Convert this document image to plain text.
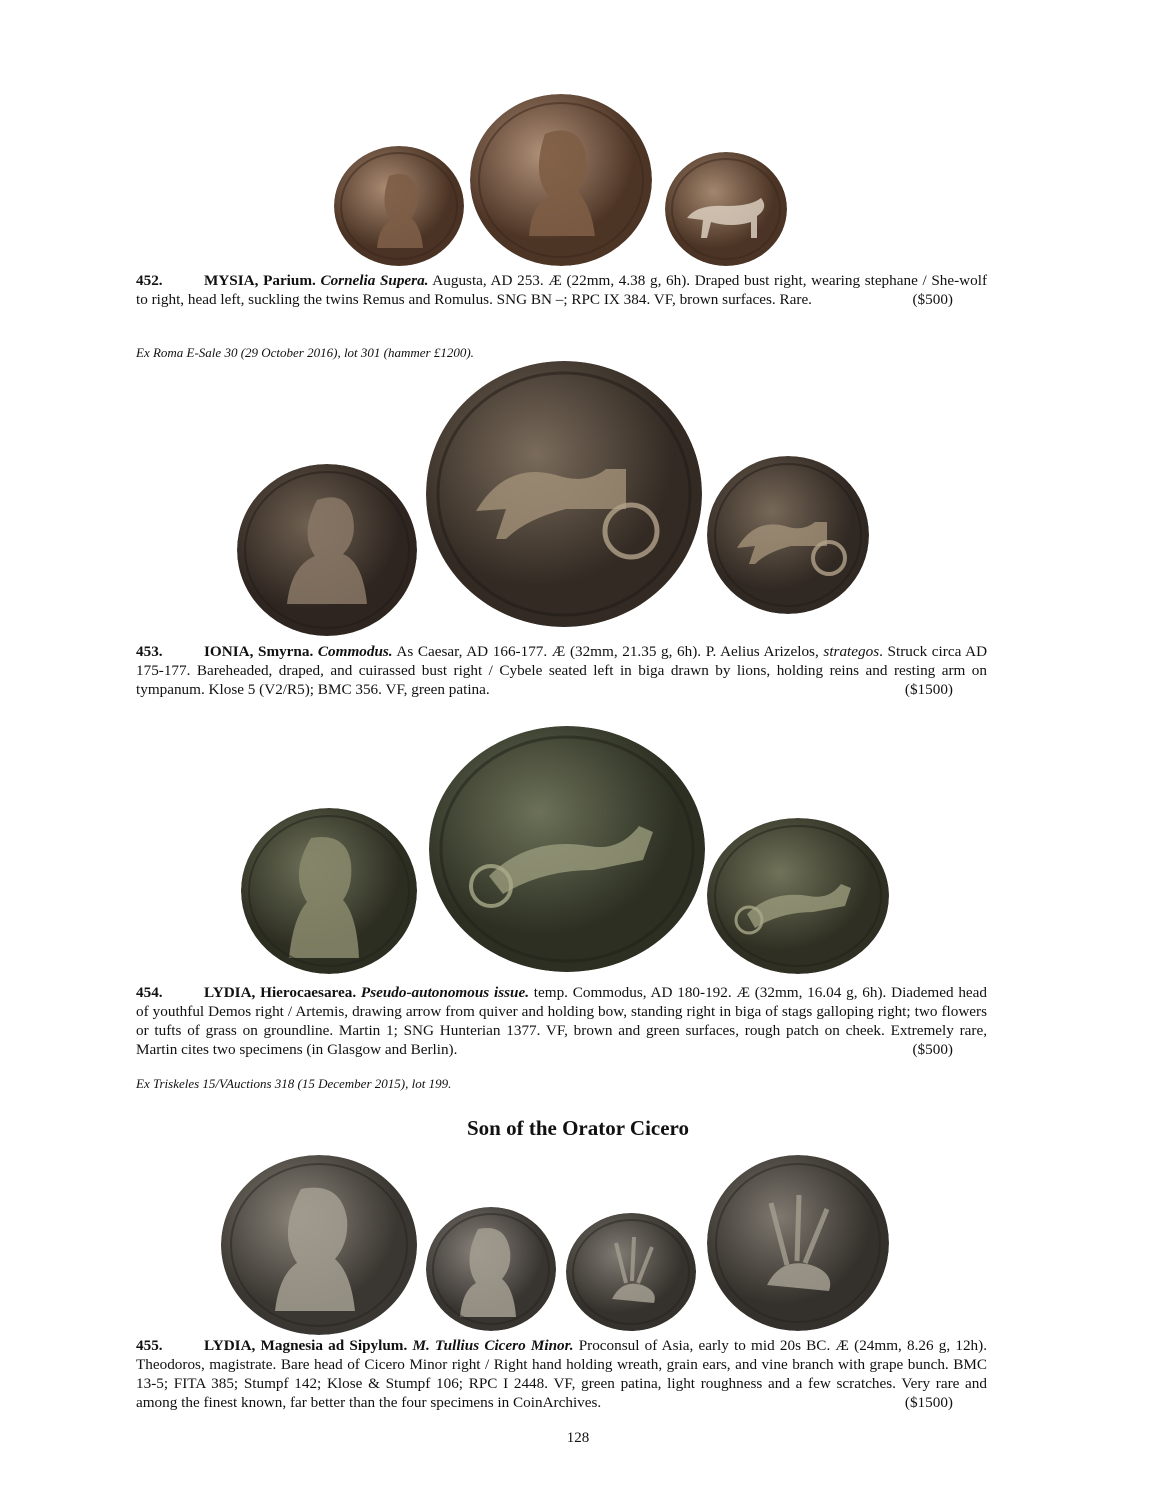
452.	MYSIA, Parium. Cornelia Supera. Augusta, AD 253. Æ (22mm, 4.38 g, 6h). Draped bust right, wearing stephane / She-wolf to right, head left, suckling the twins Remus and Romulus. SNG BN –; RPC IX 384. VF, brown surfaces. Rare.	($500)
Ex Roma E-Sale 30 (29 October 2016), lot 301 (hammer £1200).
453.	IONIA, Smyrna. Commodus. As Caesar, AD 166-177. Æ (32mm, 21.35 g, 6h). P. Aelius Arizelos, strategos. Struck circa AD 175-177. Bareheaded, draped, and cuirassed bust right / Cybele seated left in biga drawn by lions, holding reins and resting arm on tympanum. Klose 5 (V2/R5); BMC 356. VF, green patina.	($1500)
454.	LYDIA, Hierocaesarea. Pseudo-autonomous issue. temp. Commodus, AD 180-192. Æ (32mm, 16.04 g, 6h). Diademed head of youthful Demos right / Artemis, drawing arrow from quiver and holding bow, standing right in biga of stags galloping right; two flowers or tufts of grass on groundline. Martin 1; SNG Hunterian 1377. VF, brown and green surfaces, rough patch on cheek. Extremely rare, Martin cites two specimens (in Glasgow and Berlin).	($500)
Ex Triskeles 15/VAuctions 318 (15 December 2015), lot 199.
Son of the Orator Cicero
455.	LYDIA, Magnesia ad Sipylum. M. Tullius Cicero Minor. Proconsul of Asia, early to mid 20s BC. Æ (24mm, 8.26 g, 12h). Theodoros, magistrate. Bare head of Cicero Minor right / Right hand holding wreath, grain ears, and vine branch with grape bunch. BMC 13-5; FITA 385; Stumpf 142; Klose & Stumpf 106; RPC I 2448. VF, green patina, light roughness and a few scratches. Very rare and among the finest known, far better than the four specimens in CoinArchives.	($1500)
128
